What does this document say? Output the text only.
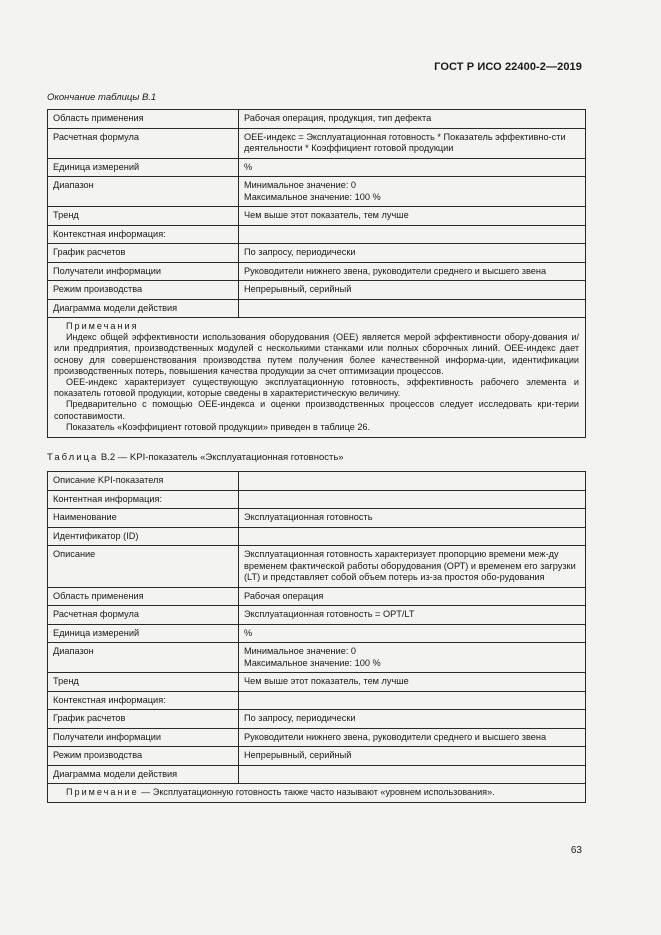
ГОСТ Р ИСО 22400-2—2019
Окончание таблицы В.1
Область применения	Рабочая операция, продукция, тип дефекта
Расчетная формула	ОЕЕ-индекс = Эксплуатационная готовность * Показатель эффективно-сти деятельности * Коэффициент готовой продукции
Единица измерений	%
Диапазон	Минимальное значение: 0
Максимальное значение: 100 %

Тренд	Чем выше этот показатель, тем лучше
Контекстная информация:	
График расчетов	По запросу, периодически
Получатели информации	Руководители нижнего звена, руководители среднего и высшего звена
Режим производства	Непрерывный, серийный
Диаграмма модели действия	

Примечания

Индекс общей эффективности использования оборудования (ОЕЕ) является мерой эффективности обору-дования и/или предприятия, производственных модулей с несколькими станками или полных сборочных линий. ОЕЕ-индекс дает основу для совершенствования производства путем получения более качественной информа-ции, идентификации производственных потерь, повышения качества продукции за счет оптимизации процессов.

ОЕЕ-индекс характеризует существующую эксплуатационную готовность, эффективность рабочего элемента и показатель готовой продукции, которые сведены в характеристическую величину.

Предварительно с помощью ОЕЕ-индекса и оценки производственных процессов следует исследовать кри-терии сопоставимости.

Показатель «Коэффициент готовой продукции» приведен в таблице 26.	

Таблица В.2 — KPI-показатель «Эксплуатационная готовность»
Описание KPI-показателя	
Контентная информация:	
Наименование	Эксплуатационная готовность
Идентификатор (ID)	
Описание	Эксплуатационная готовность характеризует пропорцию времени меж-ду временем фактической работы оборудования (ОРТ) и временем его загрузки (LT) и представляет собой объем потерь из-за простоя обо-рудования
Область применения	Рабочая операция
Расчетная формула	Эксплуатационная готовность = OPT/LT
Единица измерений	%
Диапазон	Минимальное значение: 0
Максимальное значение: 100 %

Тренд	Чем выше этот показатель, тем лучше
Контекстная информация:	
График расчетов	По запросу, периодически
Получатели информации	Руководители нижнего звена, руководители среднего и высшего звена
Режим производства	Непрерывный, серийный
Диаграмма модели действия	
Примечание — Эксплуатационную готовность также часто называют «уровнем использования».	
63
